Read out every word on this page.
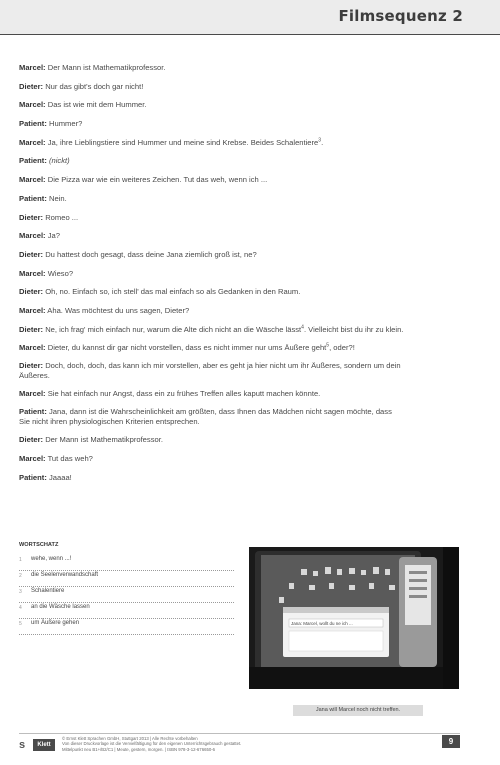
Filmsequenz 2

Marcel: Der Mann ist Mathematikprofessor.

Dieter: Nur das gibt's doch gar nicht!

Marcel: Das ist wie mit dem Hummer.

Patient: Hummer?

Marcel: Ja, ihre Lieblingstiere sind Hummer und meine sind Krebse. Beides Schalentiere$^3$.

Patient: (nickt)

Marcel: Die Pizza war wie ein weiteres Zeichen. Tut das weh, wenn ich ...

Patient: Nein.

Dieter: Romeo ...

Marcel: Ja?

Dieter: Du hattest doch gesagt, dass deine Jana ziemlich groß ist, ne?

Marcel: Wieso?

Dieter: Oh, no. Einfach so, ich stell' das mal einfach so als Gedanken in den Raum.

Marcel: Aha. Was möchtest du uns sagen, Dieter?

Dieter: Ne, ich frag' mich einfach nur, warum die Alte dich nicht an die Wäsche lässt$^4$. Vielleicht bist du ihr zu klein.

Marcel: Dieter, du kannst dir gar nicht vorstellen, dass es nicht immer nur ums Äußere geht$^5$, oder?!

Dieter: Doch, doch, doch, das kann ich mir vorstellen, aber es geht ja hier nicht um ihr Äußeres, sondern um dein Äußeres.

Marcel: Sie hat einfach nur Angst, dass ein zu frühes Treffen alles kaputt machen könnte.

Patient: Jana, dann ist die Wahrscheinlichkeit am größten, dass Ihnen das Mädchen nicht sagen möchte, dass Sie nicht ihren physiologischen Kriterien entsprechen.

Dieter: Der Mann ist Mathematikprofessor.

Marcel: Tut das weh?

Patient: Jaaaa!

WORTSCHATZ
1 wehe, wenn ...!
2 die Seelenverwandschaft
3 Schalentiere
4 an die Wäsche lassen
5 um Äußere gehen	Jana: Marcel, wollt du ne ich ...
Jana will Marcel noch nicht treffen.
s	Klett
© Ernst Klett Sprachen GmbH, Stuttgart 2013 | Alle Rechte vorbehalten
Von dieser Druckvorlage ist die Vervielfältigung für den eigenen Unterrichtsgebrauch gestattet.
Mittelpunkt neu B1+/B2/C1 | Meute, gestern, morgen. | ISBN 978-3-12-676650-6
9
